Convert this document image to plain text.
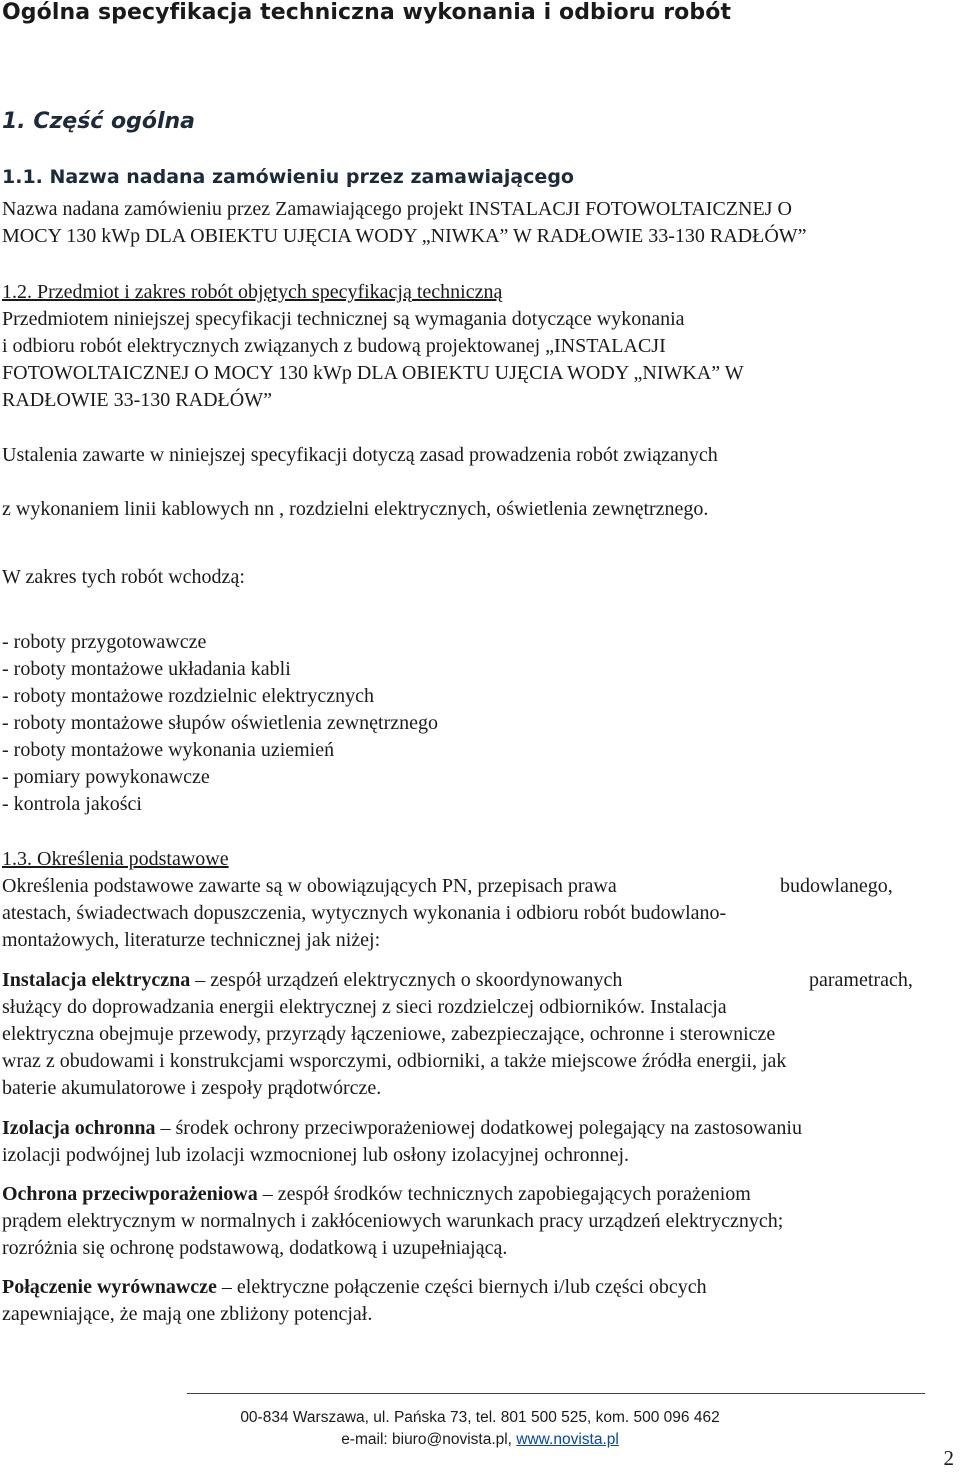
Ogólna specyfikacja techniczna wykonania i odbioru robót
1. Część ogólna
1.1. Nazwa nadana zamówieniu przez zamawiającego
Nazwa nadana zamówieniu przez Zamawiającego projekt INSTALACJI FOTOWOLTAICZNEJ O
MOCY 130 kWp DLA OBIEKTU UJĘCIA WODY „NIWKA” W RADŁOWIE 33-130 RADŁÓW”
1.2. Przedmiot i zakres robót objętych specyfikacją techniczną
Przedmiotem niniejszej specyfikacji technicznej są wymagania dotyczące wykonania
i odbioru robót elektrycznych związanych z budową projektowanej „INSTALACJI
FOTOWOLTAICZNEJ O MOCY 130 kWp DLA OBIEKTU UJĘCIA WODY „NIWKA” W
RADŁOWIE 33-130 RADŁÓW”
Ustalenia zawarte w niniejszej specyfikacji dotyczą zasad prowadzenia robót związanych
z wykonaniem linii kablowych nn , rozdzielni elektrycznych, oświetlenia zewnętrznego.
W zakres tych robót wchodzą:
- roboty przygotowawcze
- roboty montażowe układania kabli
- roboty montażowe rozdzielnic elektrycznych
- roboty montażowe słupów oświetlenia zewnętrznego
- roboty montażowe wykonania uziemień
- pomiary powykonawcze
- kontrola jakości
1.3. Określenia podstawowe
Określenia podstawowe zawarte są w obowiązujących PN, przepisach prawa	budowlanego,
atestach, świadectwach dopuszczenia, wytycznych wykonania i odbioru robót budowlano-
montażowych, literaturze technicznej jak niżej:
Instalacja elektryczna – zespół urządzeń elektrycznych o skoordynowanych	parametrach,
służący do doprowadzania energii elektrycznej z sieci rozdzielczej odbiorników. Instalacja
elektryczna obejmuje przewody, przyrządy łączeniowe, zabezpieczające, ochronne i sterownicze
wraz z obudowami i konstrukcjami wsporczymi, odbiorniki, a także miejscowe źródła energii, jak
baterie akumulatorowe i zespoły prądotwórcze.
Izolacja ochronna – środek ochrony przeciwporażeniowej dodatkowej polegający na zastosowaniu
izolacji podwójnej lub izolacji wzmocnionej lub osłony izolacyjnej ochronnej.
Ochrona przeciwporażeniowa – zespół środków technicznych zapobiegających porażeniom
prądem elektrycznym w normalnych i zakłóceniowych warunkach pracy urządzeń elektrycznych;
rozróżnia się ochronę podstawową, dodatkową i uzupełniającą.
Połączenie wyrównawcze – elektryczne połączenie części biernych i/lub części obcych
zapewniające, że mają one zbliżony potencjał.
00-834 Warszawa, ul. Pańska 73, tel. 801 500 525, kom. 500 096 462
e-mail: biuro@novista.pl, www.novista.pl
2
